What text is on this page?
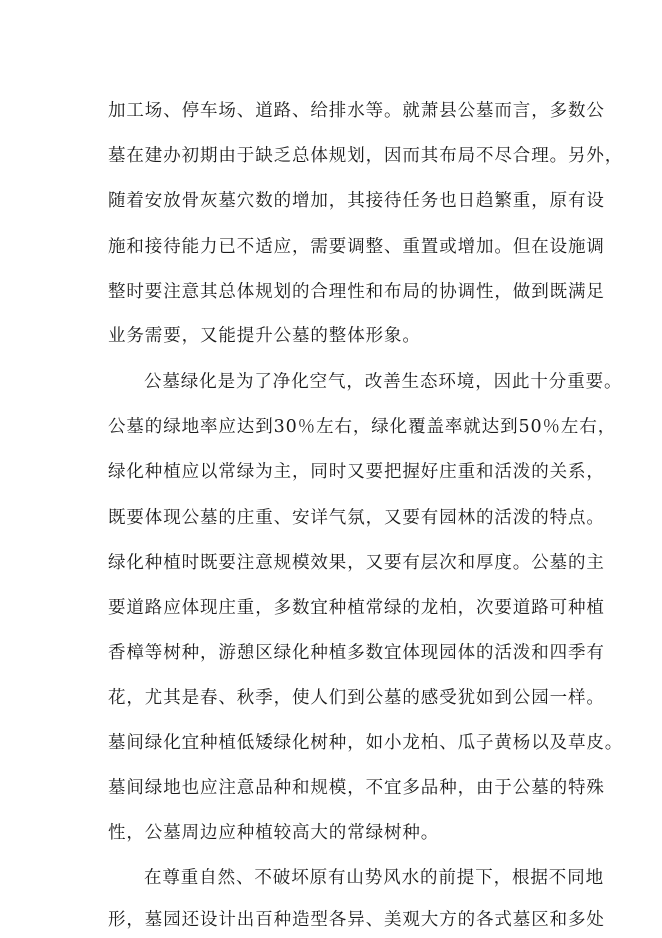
加工场、停车场、道路、给排水等。就萧县公墓而言，多数公
墓在建办初期由于缺乏总体规划，因而其布局不尽合理。另外，
随着安放骨灰墓穴数的增加，其接待任务也日趋繁重，原有设
施和接待能力已不适应，需要调整、重置或增加。但在设施调
整时要注意其总体规划的合理性和布局的协调性，做到既满足
业务需要，又能提升公墓的整体形象。
公墓绿化是为了净化空气，改善生态环境，因此十分重要。
公墓的绿地率应达到30％左右，绿化覆盖率就达到50％左右，
绿化种植应以常绿为主，同时又要把握好庄重和活泼的关系，
既要体现公墓的庄重、安详气氛，又要有园林的活泼的特点。
绿化种植时既要注意规模效果，又要有层次和厚度。公墓的主
要道路应体现庄重，多数宜种植常绿的龙柏，次要道路可种植
香樟等树种，游憩区绿化种植多数宜体现园体的活泼和四季有
花，尤其是春、秋季，使人们到公墓的感受犹如到公园一样。
墓间绿化宜种植低矮绿化树种，如小龙柏、瓜子黄杨以及草皮。
墓间绿地也应注意品种和规模，不宜多品种，由于公墓的特殊
性，公墓周边应种植较高大的常绿树种。
在尊重自然、不破坏原有山势风水的前提下，根据不同地
形，墓园还设计出百种造型各异、美观大方的各式墓区和多处
